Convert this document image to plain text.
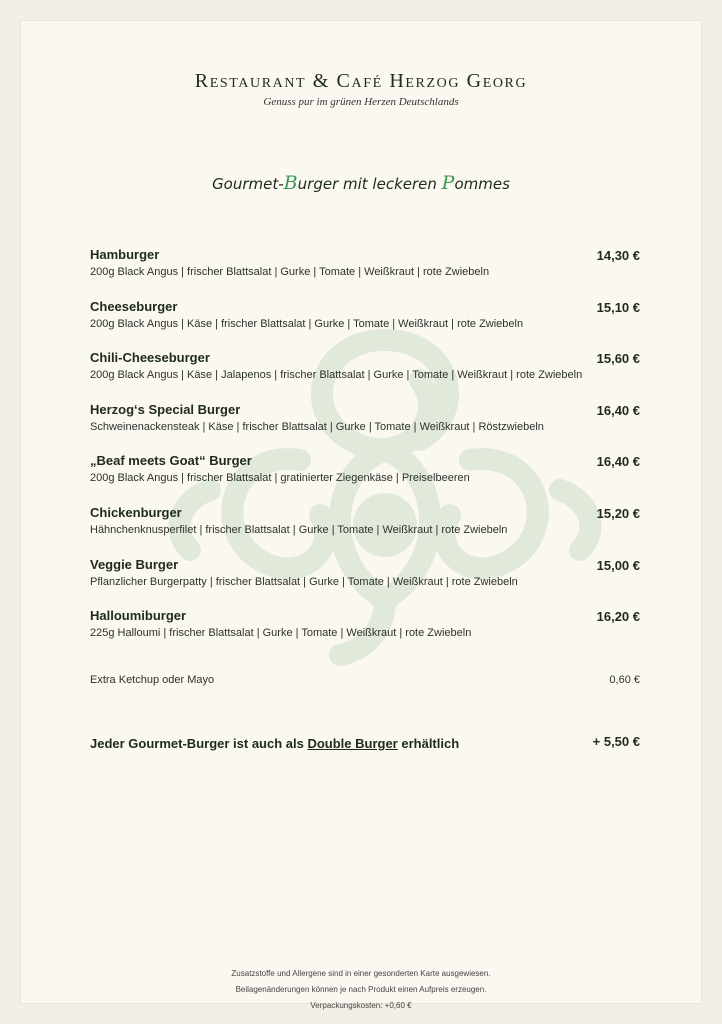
Restaurant & Café Herzog Georg
Genuss pur im grünen Herzen Deutschlands
Gourmet-Burger mit leckeren Pommes
Hamburger	14,30 €
200g Black Angus | frischer Blattsalat | Gurke | Tomate | Weißkraut | rote Zwiebeln
Cheeseburger	15,10 €
200g Black Angus | Käse | frischer Blattsalat | Gurke | Tomate | Weißkraut | rote Zwiebeln
Chili-Cheeseburger	15,60 €
200g Black Angus | Käse | Jalapenos | frischer Blattsalat | Gurke | Tomate | Weißkraut | rote Zwiebeln
Herzog‘s Special Burger	16,40 €
Schweinenackensteak | Käse | frischer Blattsalat | Gurke | Tomate | Weißkraut | Röstzwiebeln
„Beaf meets Goat“ Burger	16,40 €
200g Black Angus | frischer Blattsalat | gratinierter Ziegenkäse | Preiselbeeren
Chickenburger	15,20 €
Hähnchenknusperfilet | frischer Blattsalat | Gurke | Tomate | Weißkraut | rote Zwiebeln
Veggie Burger	15,00 €
Pflanzlicher Burgerpatty | frischer Blattsalat | Gurke | Tomate | Weißkraut | rote Zwiebeln
Halloumiburger	16,20 €
225g Halloumi | frischer Blattsalat | Gurke | Tomate | Weißkraut | rote Zwiebeln
Extra Ketchup oder Mayo	0,60 €
Jeder Gourmet-Burger ist auch als Double Burger erhältlich	+ 5,50 €
Zusatzstoffe und Allergene sind in einer gesonderten Karte ausgewiesen.
Beilagenänderungen können je nach Produkt einen Aufpreis erzeugen.
Verpackungskosten: +0,60 €
